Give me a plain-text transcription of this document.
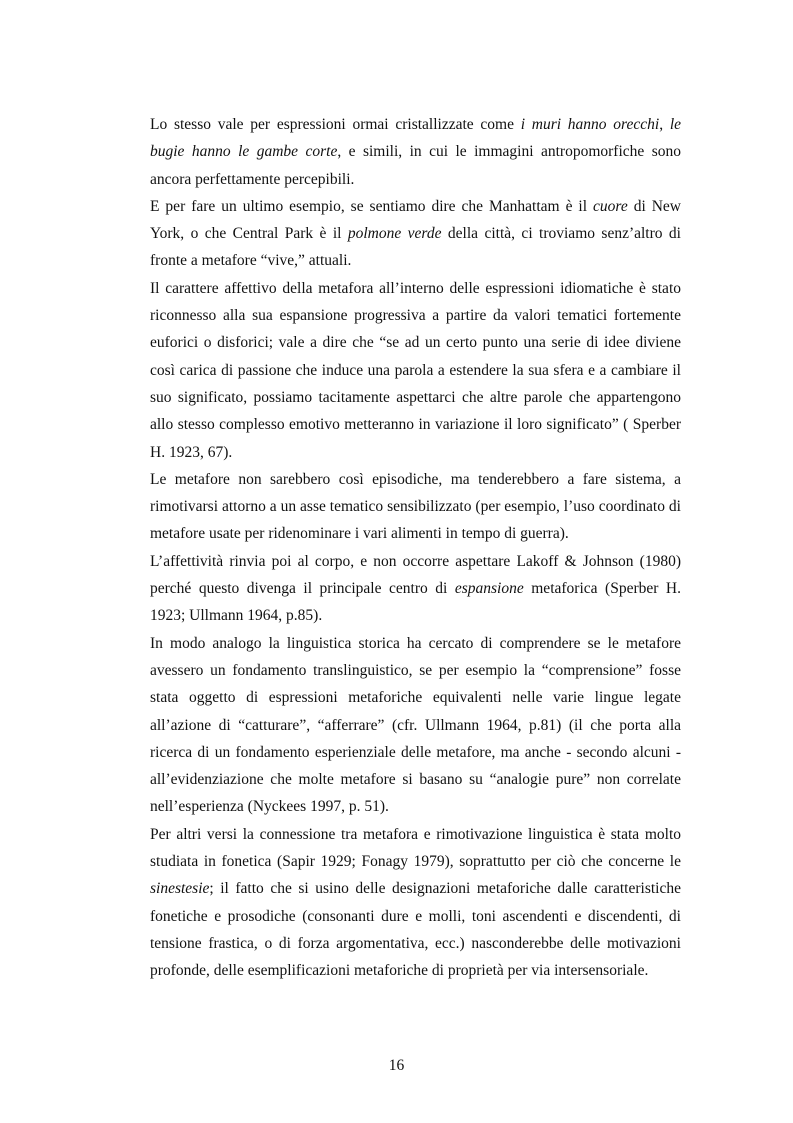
Lo stesso vale per espressioni ormai cristallizzate come i muri hanno orecchi, le bugie hanno le gambe corte, e simili, in cui le immagini antropomorfiche sono ancora perfettamente percepibili.

E per fare un ultimo esempio, se sentiamo dire che Manhattam è il cuore di New York, o che Central Park è il polmone verde della città, ci troviamo senz’altro di fronte a metafore “vive,” attuali.

Il carattere affettivo della metafora all’interno delle espressioni idiomatiche è stato riconnesso alla sua espansione progressiva a partire da valori tematici fortemente euforici o disforici; vale a dire che “se ad un certo punto una serie di idee diviene così carica di passione che induce una parola a estendere la sua sfera e a cambiare il suo significato, possiamo tacitamente aspettarci che altre parole che appartengono allo stesso complesso emotivo metteranno in variazione il loro significato” ( Sperber H. 1923, 67).

Le metafore non sarebbero così episodiche, ma tenderebbero a fare sistema, a rimotivarsi attorno a un asse tematico sensibilizzato (per esempio, l’uso coordinato di metafore usate per ridenominare i vari alimenti in tempo di guerra).

L’affettività rinvia poi al corpo, e non occorre aspettare Lakoff & Johnson (1980) perché questo divenga il principale centro di espansione metaforica (Sperber H. 1923; Ullmann 1964, p.85).

In modo analogo la linguistica storica ha cercato di comprendere se le metafore avessero un fondamento translinguistico, se per esempio la “comprensione” fosse stata oggetto di espressioni metaforiche equivalenti nelle varie lingue legate all’azione di “catturare”, “afferrare” (cfr. Ullmann 1964, p.81) (il che porta alla ricerca di un fondamento esperienziale delle metafore, ma anche - secondo alcuni - all’evidenziazione che molte metafore si basano su “analogie pure” non correlate nell’esperienza (Nyckees 1997, p. 51).

Per altri versi la connessione tra metafora e rimotivazione linguistica è stata molto studiata in fonetica (Sapir 1929; Fonagy 1979), soprattutto per ciò che concerne le sinestesie; il fatto che si usino delle designazioni metaforiche dalle caratteristiche fonetiche e prosodiche (consonanti dure e molli, toni ascendenti e discendenti, di tensione frastica, o di forza argomentativa, ecc.) nasconderebbe delle motivazioni profonde, delle esemplificazioni metaforiche di proprietà per via intersensoriale.

16
